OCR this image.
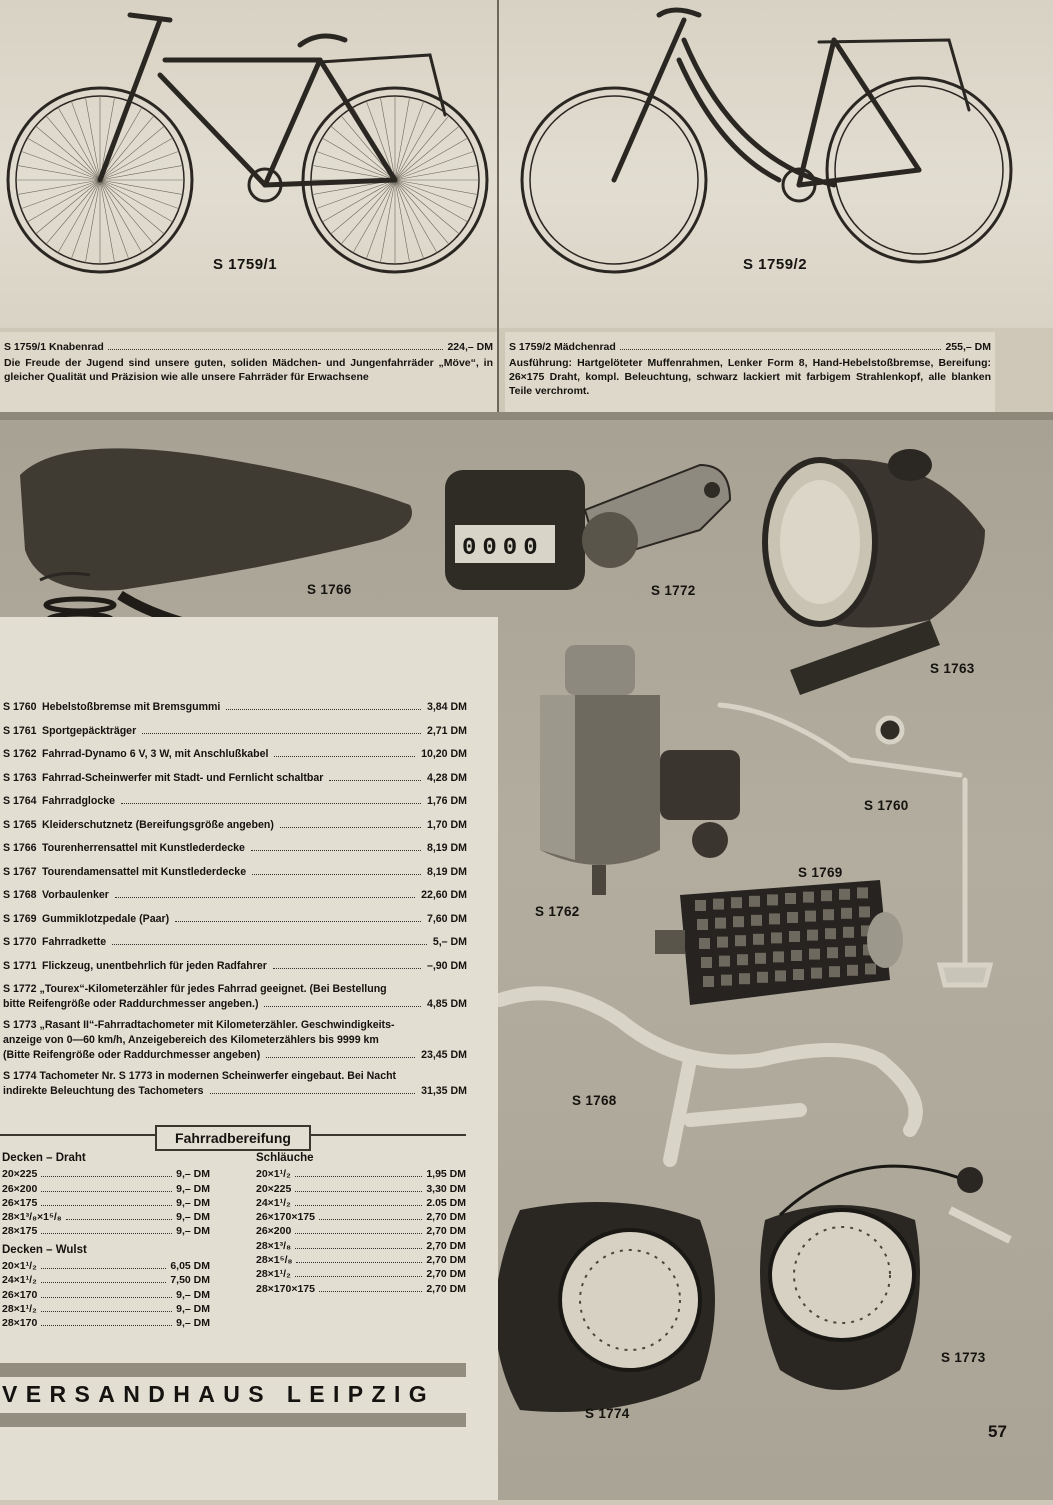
S 1759/1	S 1759/2
S 1759/1 Knabenrad	224,– DM
Die Freude der Jugend sind unsere guten, soliden Mädchen- und Jungenfahrräder „Möve“, in gleicher Qualität und Präzision wie alle unsere Fahrräder für Erwachsene
S 1759/2 Mädchenrad	255,– DM
Ausführung: Hartgelöteter Muffenrahmen, Lenker Form 8, Hand-Hebelstoßbremse, Bereifung: 26×175 Draht, kompl. Beleuchtung, schwarz lackiert mit farbigem Strahlenkopf, alle blanken Teile verchromt.
0000
S 1766	S 1772
S 1763
S 1760
S 1769
S 1762
S 1768
S 1773
S 1774
S 1760 Hebelstoßbremse mit Bremsgummi	3,84 DM
S 1761 Sportgepäckträger	2,71 DM
S 1762 Fahrrad-Dynamo 6 V, 3 W, mit Anschlußkabel	10,20 DM
S 1763 Fahrrad-Scheinwerfer mit Stadt- und Fernlicht schaltbar	4,28 DM
S 1764 Fahrradglocke	1,76 DM
S 1765 Kleiderschutznetz (Bereifungsgröße angeben)	1,70 DM
S 1766 Tourenherrensattel mit Kunstlederdecke	8,19 DM
S 1767 Tourendamensattel mit Kunstlederdecke	8,19 DM
S 1768 Vorbaulenker	22,60 DM
S 1769 Gummiklotzpedale (Paar)	7,60 DM
S 1770 Fahrradkette	5,– DM
S 1771 Flickzeug, unentbehrlich für jeden Radfahrer	–,90 DM
S 1772 „Tourex“-Kilometerzähler für jedes Fahrrad geeignet. (Bei Bestellung
bitte Reifengröße oder Raddurchmesser angeben.)	4,85 DM
S 1773 „Rasant II“-Fahrradtachometer mit Kilometerzähler. Geschwindigkeits-
anzeige von 0—60 km/h, Anzeigebereich des Kilometerzählers bis 9999 km
(Bitte Reifengröße oder Raddurchmesser angeben)	23,45 DM
S 1774 Tachometer Nr. S 1773 in modernen Scheinwerfer eingebaut. Bei Nacht
indirekte Beleuchtung des Tachometers	31,35 DM
Fahrradbereifung
Decken – Draht
20×225	9,– DM
26×200	9,– DM
26×175	9,– DM
28×1³/₈×1⁵/₈	9,– DM
28×175	9,– DM
Decken – Wulst
20×1¹/₂	6,05 DM
24×1¹/₂	7,50 DM
26×170	9,– DM
28×1¹/₂	9,– DM
28×170	9,– DM
Schläuche
20×1¹/₂	1,95 DM
20×225	3,30 DM
24×1¹/₂	2.05 DM
26×170×175	2,70 DM
26×200	2,70 DM
28×1³/₈	2,70 DM
28×1⁵/₈	2,70 DM
28×1¹/₂	2,70 DM
28×170×175	2,70 DM
VERSANDHAUS LEIPZIG
57
